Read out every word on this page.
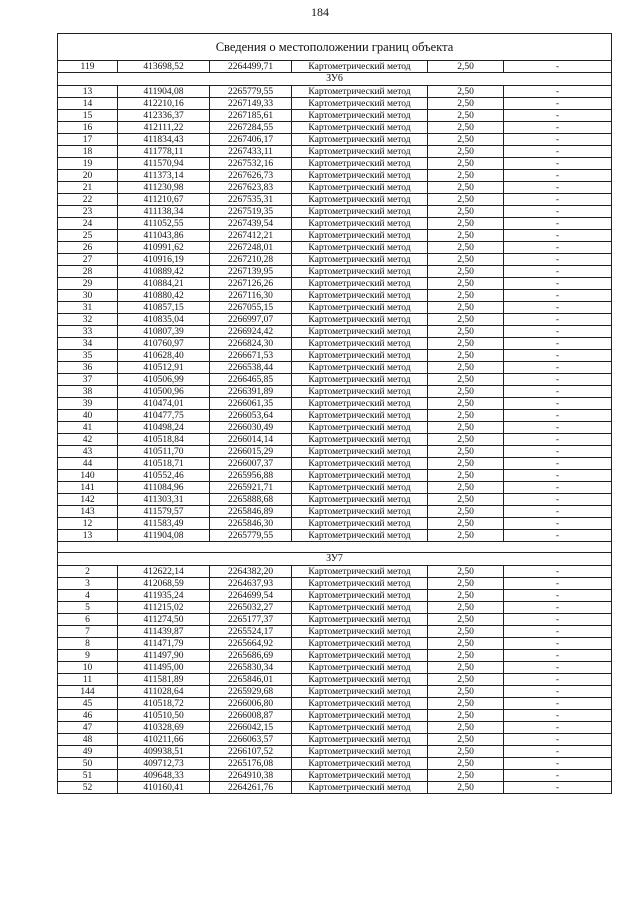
184
Сведения о местоположении границ объекта					
119	413698,52	2264499,71	Картометрический метод	2,50	-
ЗУ6					
13	411904,08	2265779,55	Картометрический метод	2,50	-
14	412210,16	2267149,33	Картометрический метод	2,50	-
15	412336,37	2267185,61	Картометрический метод	2,50	-
16	412111,22	2267284,55	Картометрический метод	2,50	-
17	411834,43	2267406,17	Картометрический метод	2,50	-
18	411778,11	2267433,11	Картометрический метод	2,50	-
19	411570,94	2267532,16	Картометрический метод	2,50	-
20	411373,14	2267626,73	Картометрический метод	2,50	-
21	411230,98	2267623,83	Картометрический метод	2,50	-
22	411210,67	2267535,31	Картометрический метод	2,50	-
23	411138,34	2267519,35	Картометрический метод	2,50	-
24	411052,55	2267439,54	Картометрический метод	2,50	-
25	411043,86	2267412,21	Картометрический метод	2,50	-
26	410991,62	2267248,01	Картометрический метод	2,50	-
27	410916,19	2267210,28	Картометрический метод	2,50	-
28	410889,42	2267139,95	Картометрический метод	2,50	-
29	410884,21	2267126,26	Картометрический метод	2,50	-
30	410880,42	2267116,30	Картометрический метод	2,50	-
31	410857,15	2267055,15	Картометрический метод	2,50	-
32	410835,04	2266997,07	Картометрический метод	2,50	-
33	410807,39	2266924,42	Картометрический метод	2,50	-
34	410760,97	2266824,30	Картометрический метод	2,50	-
35	410628,40	2266671,53	Картометрический метод	2,50	-
36	410512,91	2266538,44	Картометрический метод	2,50	-
37	410506,99	2266465,85	Картометрический метод	2,50	-
38	410500,96	2266391,89	Картометрический метод	2,50	-
39	410474,01	2266061,35	Картометрический метод	2,50	-
40	410477,75	2266053,64	Картометрический метод	2,50	-
41	410498,24	2266030,49	Картометрический метод	2,50	-
42	410518,84	2266014,14	Картометрический метод	2,50	-
43	410511,70	2266015,29	Картометрический метод	2,50	-
44	410518,71	2266007,37	Картометрический метод	2,50	-
140	410552,46	2265956,88	Картометрический метод	2,50	-
141	411084,96	2265921,71	Картометрический метод	2,50	-
142	411303,31	2265888,68	Картометрический метод	2,50	-
143	411579,57	2265846,89	Картометрический метод	2,50	-
12	411583,49	2265846,30	Картометрический метод	2,50	-
13	411904,08	2265779,55	Картометрический метод	2,50	-

ЗУ7					
2	412622,14	2264382,20	Картометрический метод	2,50	-
3	412068,59	2264637,93	Картометрический метод	2,50	-
4	411935,24	2264699,54	Картометрический метод	2,50	-
5	411215,02	2265032,27	Картометрический метод	2,50	-
6	411274,50	2265177,37	Картометрический метод	2,50	-
7	411439,87	2265524,17	Картометрический метод	2,50	-
8	411471,79	2265664,92	Картометрический метод	2,50	-
9	411497,90	2265686,69	Картометрический метод	2,50	-
10	411495,00	2265830,34	Картометрический метод	2,50	-
11	411581,89	2265846,01	Картометрический метод	2,50	-
144	411028,64	2265929,68	Картометрический метод	2,50	-
45	410518,72	2266006,80	Картометрический метод	2,50	-
46	410510,50	2266008,87	Картометрический метод	2,50	-
47	410328,69	2266042,15	Картометрический метод	2,50	-
48	410211,66	2266063,57	Картометрический метод	2,50	-
49	409938,51	2266107,52	Картометрический метод	2,50	-
50	409712,73	2265176,08	Картометрический метод	2,50	-
51	409648,33	2264910,38	Картометрический метод	2,50	-
52	410160,41	2264261,76	Картометрический метод	2,50	-
